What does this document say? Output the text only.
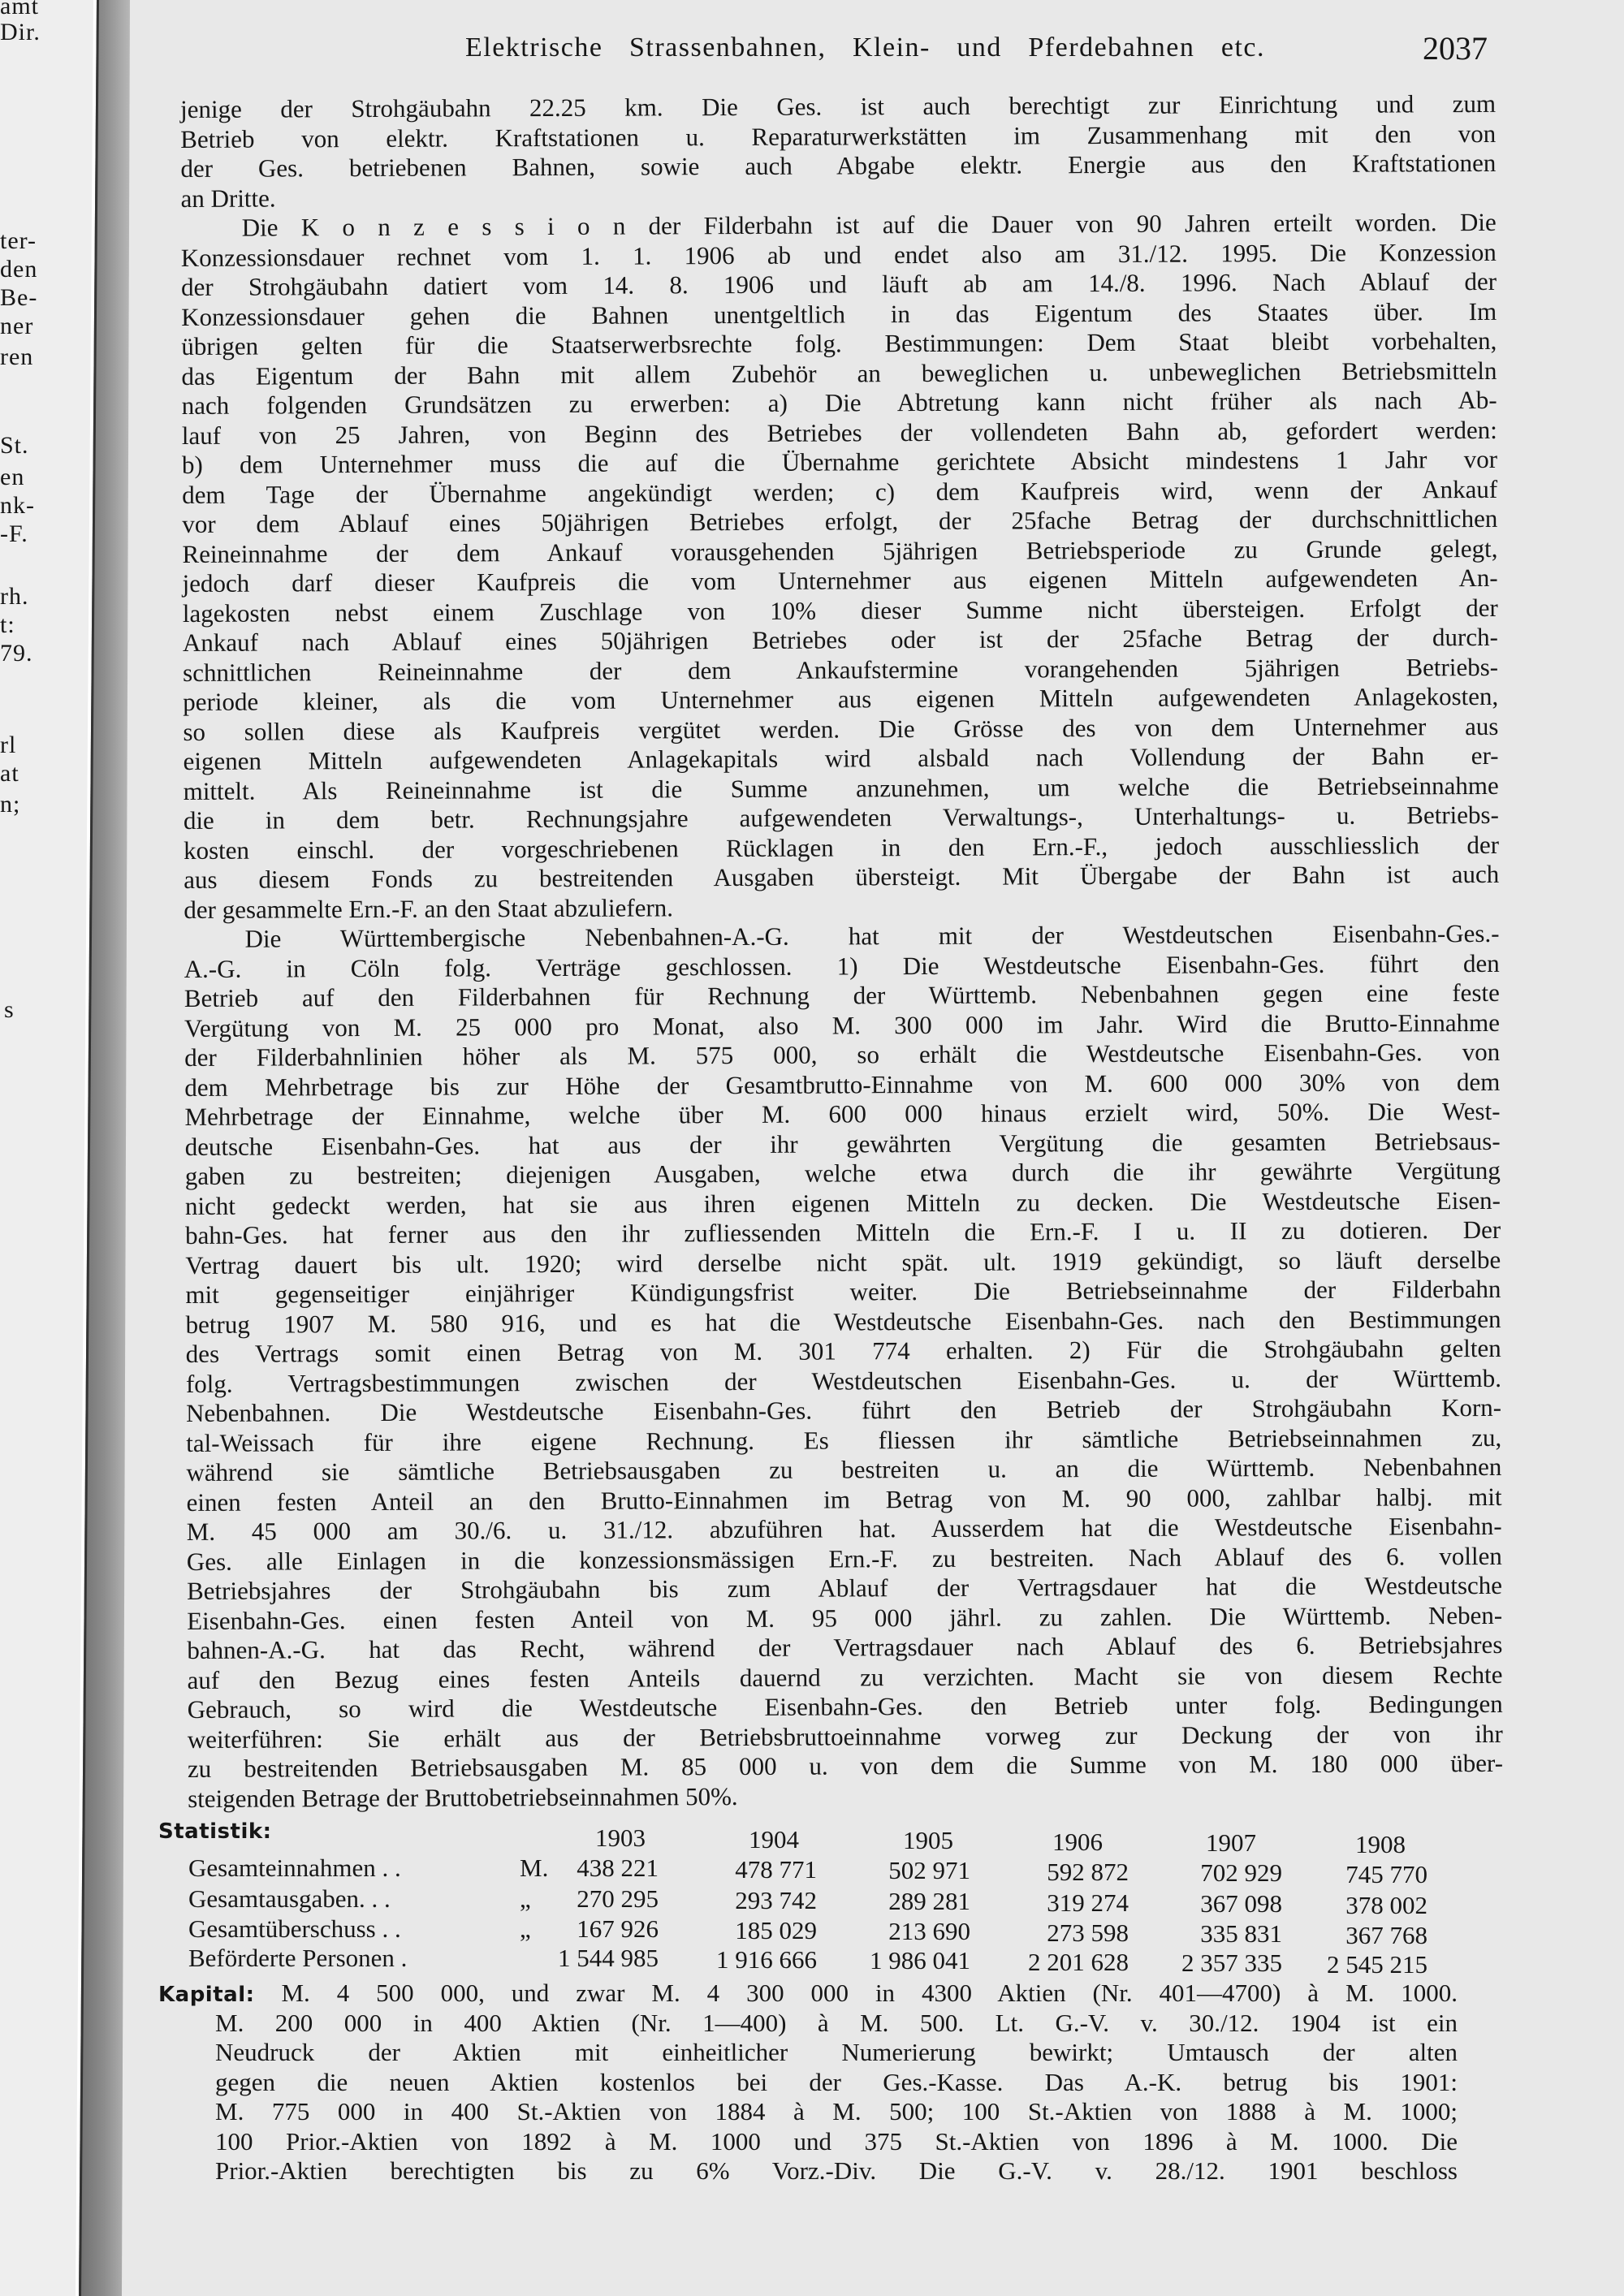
amt
Dir.
ter-
den
Be-
ner
ren
St.
en
nk-
-F.
rh.
t:
79.
rl
at
n;
s
Elektrische Strassenbahnen, Klein- und Pferdebahnen etc.	2037
jenige der Strohgäubahn 22.25 km. Die Ges. ist auch berechtigt zur Einrichtung und zum
Betrieb von elektr. Kraftstationen u. Reparaturwerkstätten im Zusammenhang mit den von
der Ges. betriebenen Bahnen, sowie auch Abgabe elektr. Energie aus den Kraftstationen
an Dritte.
Die K o n z e s s i o n der Filderbahn ist auf die Dauer von 90 Jahren erteilt worden. Die
Konzessionsdauer rechnet vom 1. 1. 1906 ab und endet also am 31./12. 1995. Die Konzession
der Strohgäubahn datiert vom 14. 8. 1906 und läuft ab am 14./8. 1996. Nach Ablauf der
Konzessionsdauer gehen die Bahnen unentgeltlich in das Eigentum des Staates über. Im
übrigen gelten für die Staatserwerbsrechte folg. Bestimmungen: Dem Staat bleibt vorbehalten,
das Eigentum der Bahn mit allem Zubehör an beweglichen u. unbeweglichen Betriebsmitteln
nach folgenden Grundsätzen zu erwerben: a) Die Abtretung kann nicht früher als nach Ab-
lauf von 25 Jahren, von Beginn des Betriebes der vollendeten Bahn ab, gefordert werden:
b) dem Unternehmer muss die auf die Übernahme gerichtete Absicht mindestens 1 Jahr vor
dem Tage der Übernahme angekündigt werden; c) dem Kaufpreis wird, wenn der Ankauf
vor dem Ablauf eines 50jährigen Betriebes erfolgt, der 25fache Betrag der durchschnittlichen
Reineinnahme der dem Ankauf vorausgehenden 5jährigen Betriebsperiode zu Grunde gelegt,
jedoch darf dieser Kaufpreis die vom Unternehmer aus eigenen Mitteln aufgewendeten An-
lagekosten nebst einem Zuschlage von 10% dieser Summe nicht übersteigen. Erfolgt der
Ankauf nach Ablauf eines 50jährigen Betriebes oder ist der 25fache Betrag der durch-
schnittlichen Reineinnahme der dem Ankaufstermine vorangehenden 5jährigen Betriebs-
periode kleiner, als die vom Unternehmer aus eigenen Mitteln aufgewendeten Anlagekosten,
so sollen diese als Kaufpreis vergütet werden. Die Grösse des von dem Unternehmer aus
eigenen Mitteln aufgewendeten Anlagekapitals wird alsbald nach Vollendung der Bahn er-
mittelt. Als Reineinnahme ist die Summe anzunehmen, um welche die Betriebseinnahme
die in dem betr. Rechnungsjahre aufgewendeten Verwaltungs-, Unterhaltungs- u. Betriebs-
kosten einschl. der vorgeschriebenen Rücklagen in den Ern.-F., jedoch ausschliesslich der
aus diesem Fonds zu bestreitenden Ausgaben übersteigt. Mit Übergabe der Bahn ist auch
der gesammelte Ern.-F. an den Staat abzuliefern.
Die Württembergische Nebenbahnen-A.-G. hat mit der Westdeutschen Eisenbahn-Ges.-
A.-G. in Cöln folg. Verträge geschlossen. 1) Die Westdeutsche Eisenbahn-Ges. führt den
Betrieb auf den Filderbahnen für Rechnung der Württemb. Nebenbahnen gegen eine feste
Vergütung von M. 25 000 pro Monat, also M. 300 000 im Jahr. Wird die Brutto-Einnahme
der Filderbahnlinien höher als M. 575 000, so erhält die Westdeutsche Eisenbahn-Ges. von
dem Mehrbetrage bis zur Höhe der Gesamtbrutto-Einnahme von M. 600 000 30% von dem
Mehrbetrage der Einnahme, welche über M. 600 000 hinaus erzielt wird, 50%. Die West-
deutsche Eisenbahn-Ges. hat aus der ihr gewährten Vergütung die gesamten Betriebsaus-
gaben zu bestreiten; diejenigen Ausgaben, welche etwa durch die ihr gewährte Vergütung
nicht gedeckt werden, hat sie aus ihren eigenen Mitteln zu decken. Die Westdeutsche Eisen-
bahn-Ges. hat ferner aus den ihr zufliessenden Mitteln die Ern.-F. I u. II zu dotieren. Der
Vertrag dauert bis ult. 1920; wird derselbe nicht spät. ult. 1919 gekündigt, so läuft derselbe
mit gegenseitiger einjähriger Kündigungsfrist weiter. Die Betriebseinnahme der Filderbahn
betrug 1907 M. 580 916, und es hat die Westdeutsche Eisenbahn-Ges. nach den Bestimmungen
des Vertrags somit einen Betrag von M. 301 774 erhalten. 2) Für die Strohgäubahn gelten
folg. Vertragsbestimmungen zwischen der Westdeutschen Eisenbahn-Ges. u. der Württemb.
Nebenbahnen. Die Westdeutsche Eisenbahn-Ges. führt den Betrieb der Strohgäubahn Korn-
tal-Weissach für ihre eigene Rechnung. Es fliessen ihr sämtliche Betriebseinnahmen zu,
während sie sämtliche Betriebsausgaben zu bestreiten u. an die Württemb. Nebenbahnen
einen festen Anteil an den Brutto-Einnahmen im Betrag von M. 90 000, zahlbar halbj. mit
M. 45 000 am 30./6. u. 31./12. abzuführen hat. Ausserdem hat die Westdeutsche Eisenbahn-
Ges. alle Einlagen in die konzessionsmässigen Ern.-F. zu bestreiten. Nach Ablauf des 6. vollen
Betriebsjahres der Strohgäubahn bis zum Ablauf der Vertragsdauer hat die Westdeutsche
Eisenbahn-Ges. einen festen Anteil von M. 95 000 jährl. zu zahlen. Die Württemb. Neben-
bahnen-A.-G. hat das Recht, während der Vertragsdauer nach Ablauf des 6. Betriebsjahres
auf den Bezug eines festen Anteils dauernd zu verzichten. Macht sie von diesem Rechte
Gebrauch, so wird die Westdeutsche Eisenbahn-Ges. den Betrieb unter folg. Bedingungen
weiterführen: Sie erhält aus der Betriebsbruttoeinnahme vorweg zur Deckung der von ihr
zu bestreitenden Betriebsausgaben M. 85 000 u. von dem die Summe von M. 180 000 über-
steigenden Betrage der Bruttobetriebseinnahmen 50%.
Statistik:	1903	1904	1905	1906	1907	1908
Gesamteinnahmen . .	M.	438 221	478 771	502 971	592 872	702 929	745 770
Gesamtausgaben. . .	„	270 295	293 742	289 281	319 274	367 098	378 002
Gesamtüberschuss . .	„	167 926	185 029	213 690	273 598	335 831	367 768
Beförderte Personen .	1 544 985	1 916 666	1 986 041	2 201 628	2 357 335	2 545 215
Kapital: M. 4 500 000, und zwar M. 4 300 000 in 4300 Aktien (Nr. 401—4700) à M. 1000.
M. 200 000 in 400 Aktien (Nr. 1—400) à M. 500. Lt. G.-V. v. 30./12. 1904 ist ein
Neudruck der Aktien mit einheitlicher Numerierung bewirkt; Umtausch der alten
gegen die neuen Aktien kostenlos bei der Ges.-Kasse. Das A.-K. betrug bis 1901:
M. 775 000 in 400 St.-Aktien von 1884 à M. 500; 100 St.-Aktien von 1888 à M. 1000;
100 Prior.-Aktien von 1892 à M. 1000 und 375 St.-Aktien von 1896 à M. 1000. Die
Prior.-Aktien berechtigten bis zu 6% Vorz.-Div. Die G.-V. v. 28./12. 1901 beschloss
